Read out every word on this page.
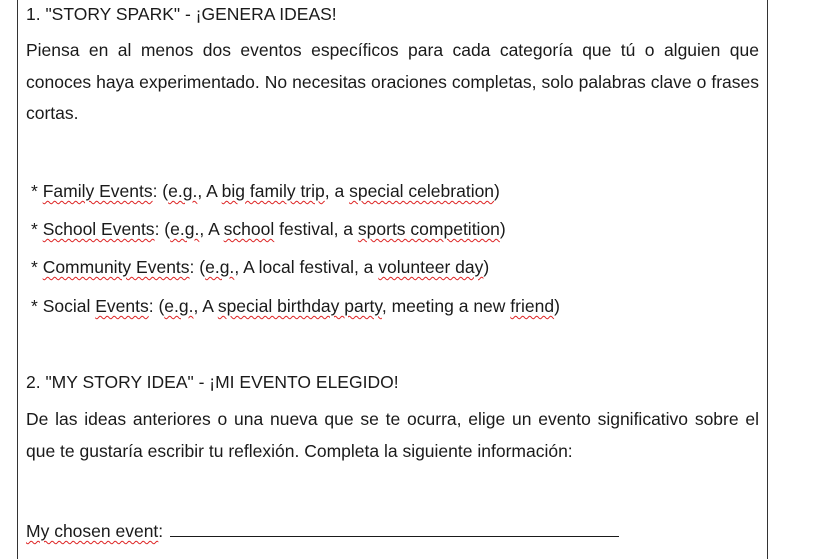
1. "STORY SPARK" - ¡GENERA IDEAS!
Piensa en al menos dos eventos específicos para cada categoría que tú o alguien que conoces haya experimentado. No necesitas oraciones completas, solo palabras clave o frases cortas.
* Family Events: (e.g., A big family trip, a special celebration)
* School Events: (e.g., A school festival, a sports competition)
* Community Events: (e.g., A local festival, a volunteer day)
* Social Events: (e.g., A special birthday party, meeting a new friend)
2. "MY STORY IDEA" - ¡MI EVENTO ELEGIDO!
De las ideas anteriores o una nueva que se te ocurra, elige un evento significativo sobre el que te gustaría escribir tu reflexión. Completa la siguiente información:
My chosen event:
